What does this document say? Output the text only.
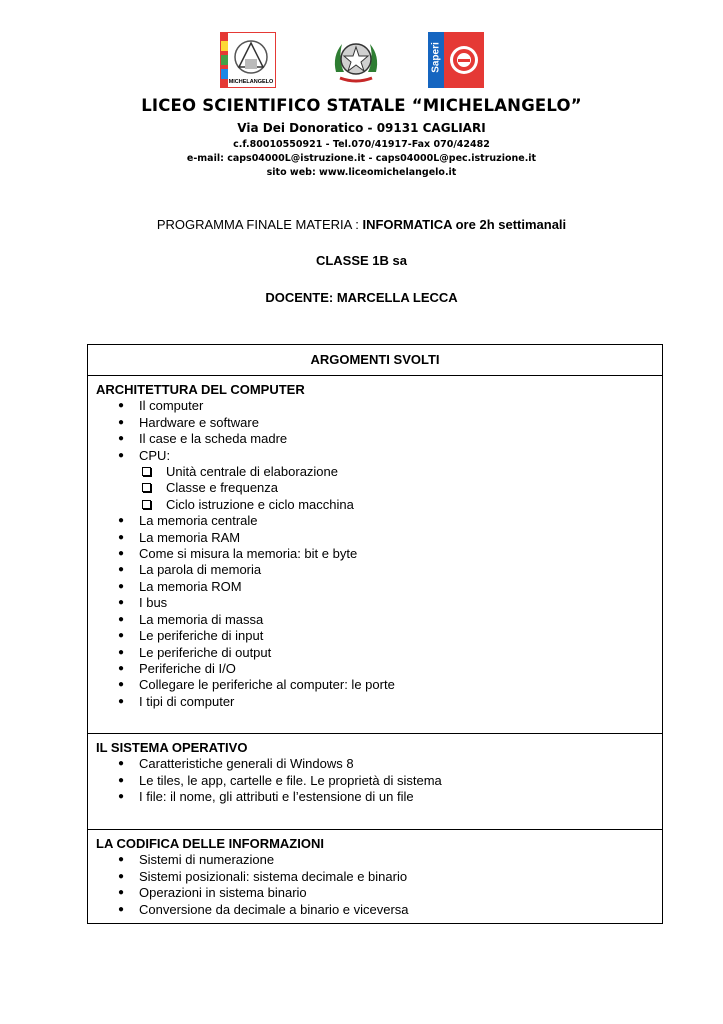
MICHELANGELO
Saperi
LICEO SCIENTIFICO STATALE “MICHELANGELO”
Via Dei Donoratico - 09131 CAGLIARI
c.f.80010550921 - Tel.070/41917-Fax 070/42482
e-mail: caps04000L@istruzione.it - caps04000L@pec.istruzione.it
sito web: www.liceomichelangelo.it
PROGRAMMA FINALE MATERIA : INFORMATICA ore 2h settimanali
CLASSE 1B sa
DOCENTE: MARCELLA LECCA
ARGOMENTI SVOLTI
ARCHITETTURA DEL COMPUTER
● Il computer
● Hardware e software
● Il case e la scheda madre
● CPU:
Unità centrale di elaborazione
Classe e frequenza
Ciclo istruzione e ciclo macchina
● La memoria centrale
● La memoria RAM
● Come si misura la memoria: bit e byte
● La parola di memoria
● La memoria ROM
● I bus
● La memoria di massa
● Le periferiche di input
● Le periferiche di output
● Periferiche di I/O
● Collegare le periferiche al computer: le porte
● I tipi di computer
IL SISTEMA OPERATIVO
● Caratteristiche generali di Windows 8
● Le tiles, le app, cartelle e file. Le proprietà di sistema
● I file: il nome, gli attributi e l’estensione di un file
LA CODIFICA DELLE INFORMAZIONI
● Sistemi di numerazione
● Sistemi posizionali: sistema decimale e binario
● Operazioni in sistema binario
● Conversione da decimale a binario e viceversa
